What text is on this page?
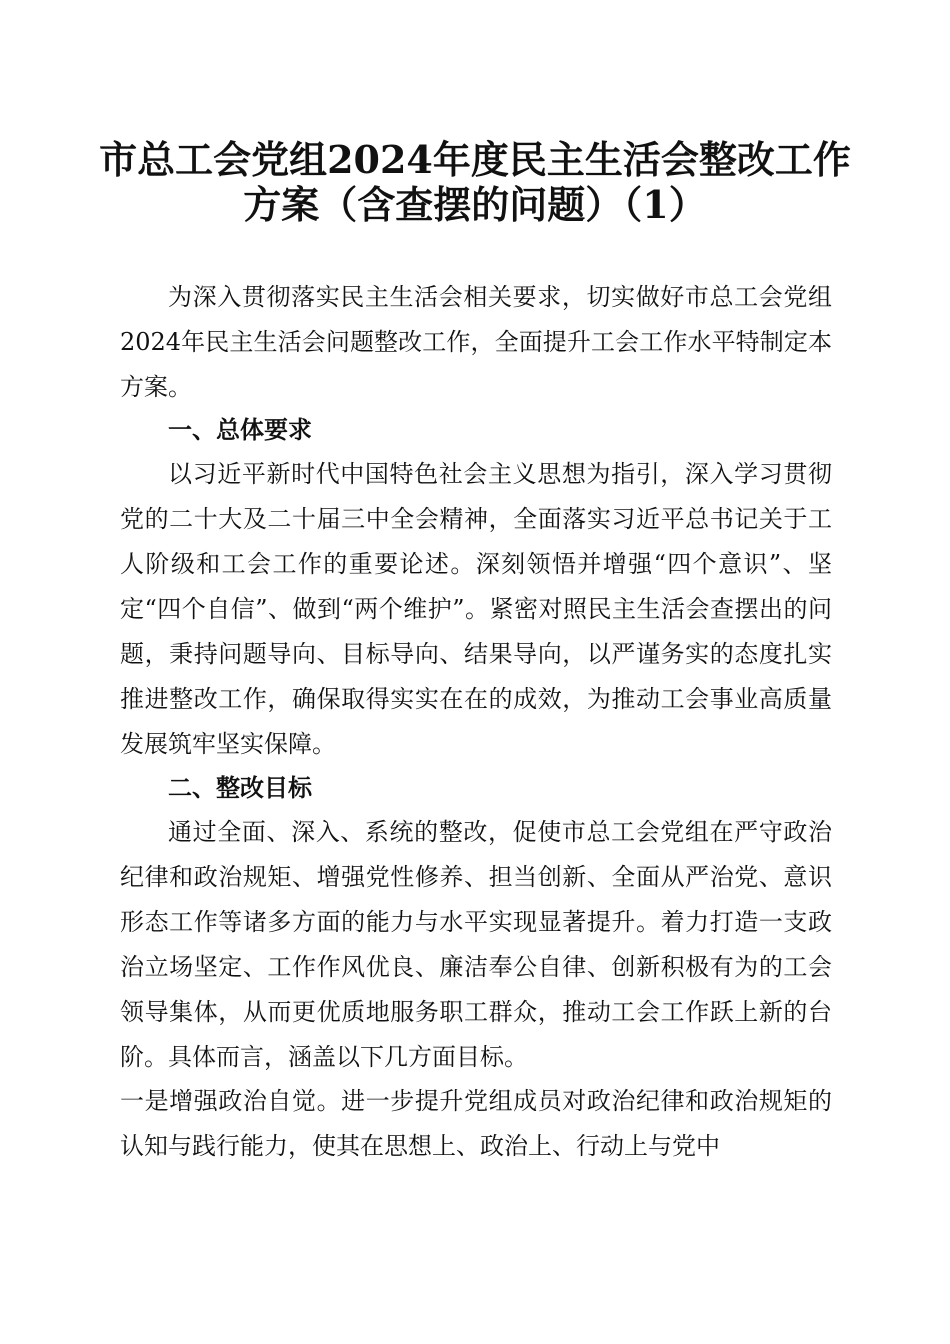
市总工会党组2024年度民主生活会整改工作
方案（含查摆的问题）（1）

为深入贯彻落实民主生活会相关要求，切实做好市总工会党组2024年民主生活会问题整改工作，全面提升工会工作水平特制定本方案。

一、总体要求

以习近平新时代中国特色社会主义思想为指引，深入学习贯彻党的二十大及二十届三中全会精神，全面落实习近平总书记关于工人阶级和工会工作的重要论述。深刻领悟并增强“四个意识”、坚定“四个自信”、做到“两个维护”。紧密对照民主生活会查摆出的问题，秉持问题导向、目标导向、结果导向，以严谨务实的态度扎实推进整改工作，确保取得实实在在的成效，为推动工会事业高质量发展筑牢坚实保障。

二、整改目标

通过全面、深入、系统的整改，促使市总工会党组在严守政治纪律和政治规矩、增强党性修养、担当创新、全面从严治党、意识形态工作等诸多方面的能力与水平实现显著提升。着力打造一支政治立场坚定、工作作风优良、廉洁奉公自律、创新积极有为的工会领导集体，从而更优质地服务职工群众，推动工会工作跃上新的台阶。具体而言，涵盖以下几方面目标。

一是增强政治自觉。进一步提升党组成员对政治纪律和政治规矩的认知与践行能力，使其在思想上、政治上、行动上与党中
